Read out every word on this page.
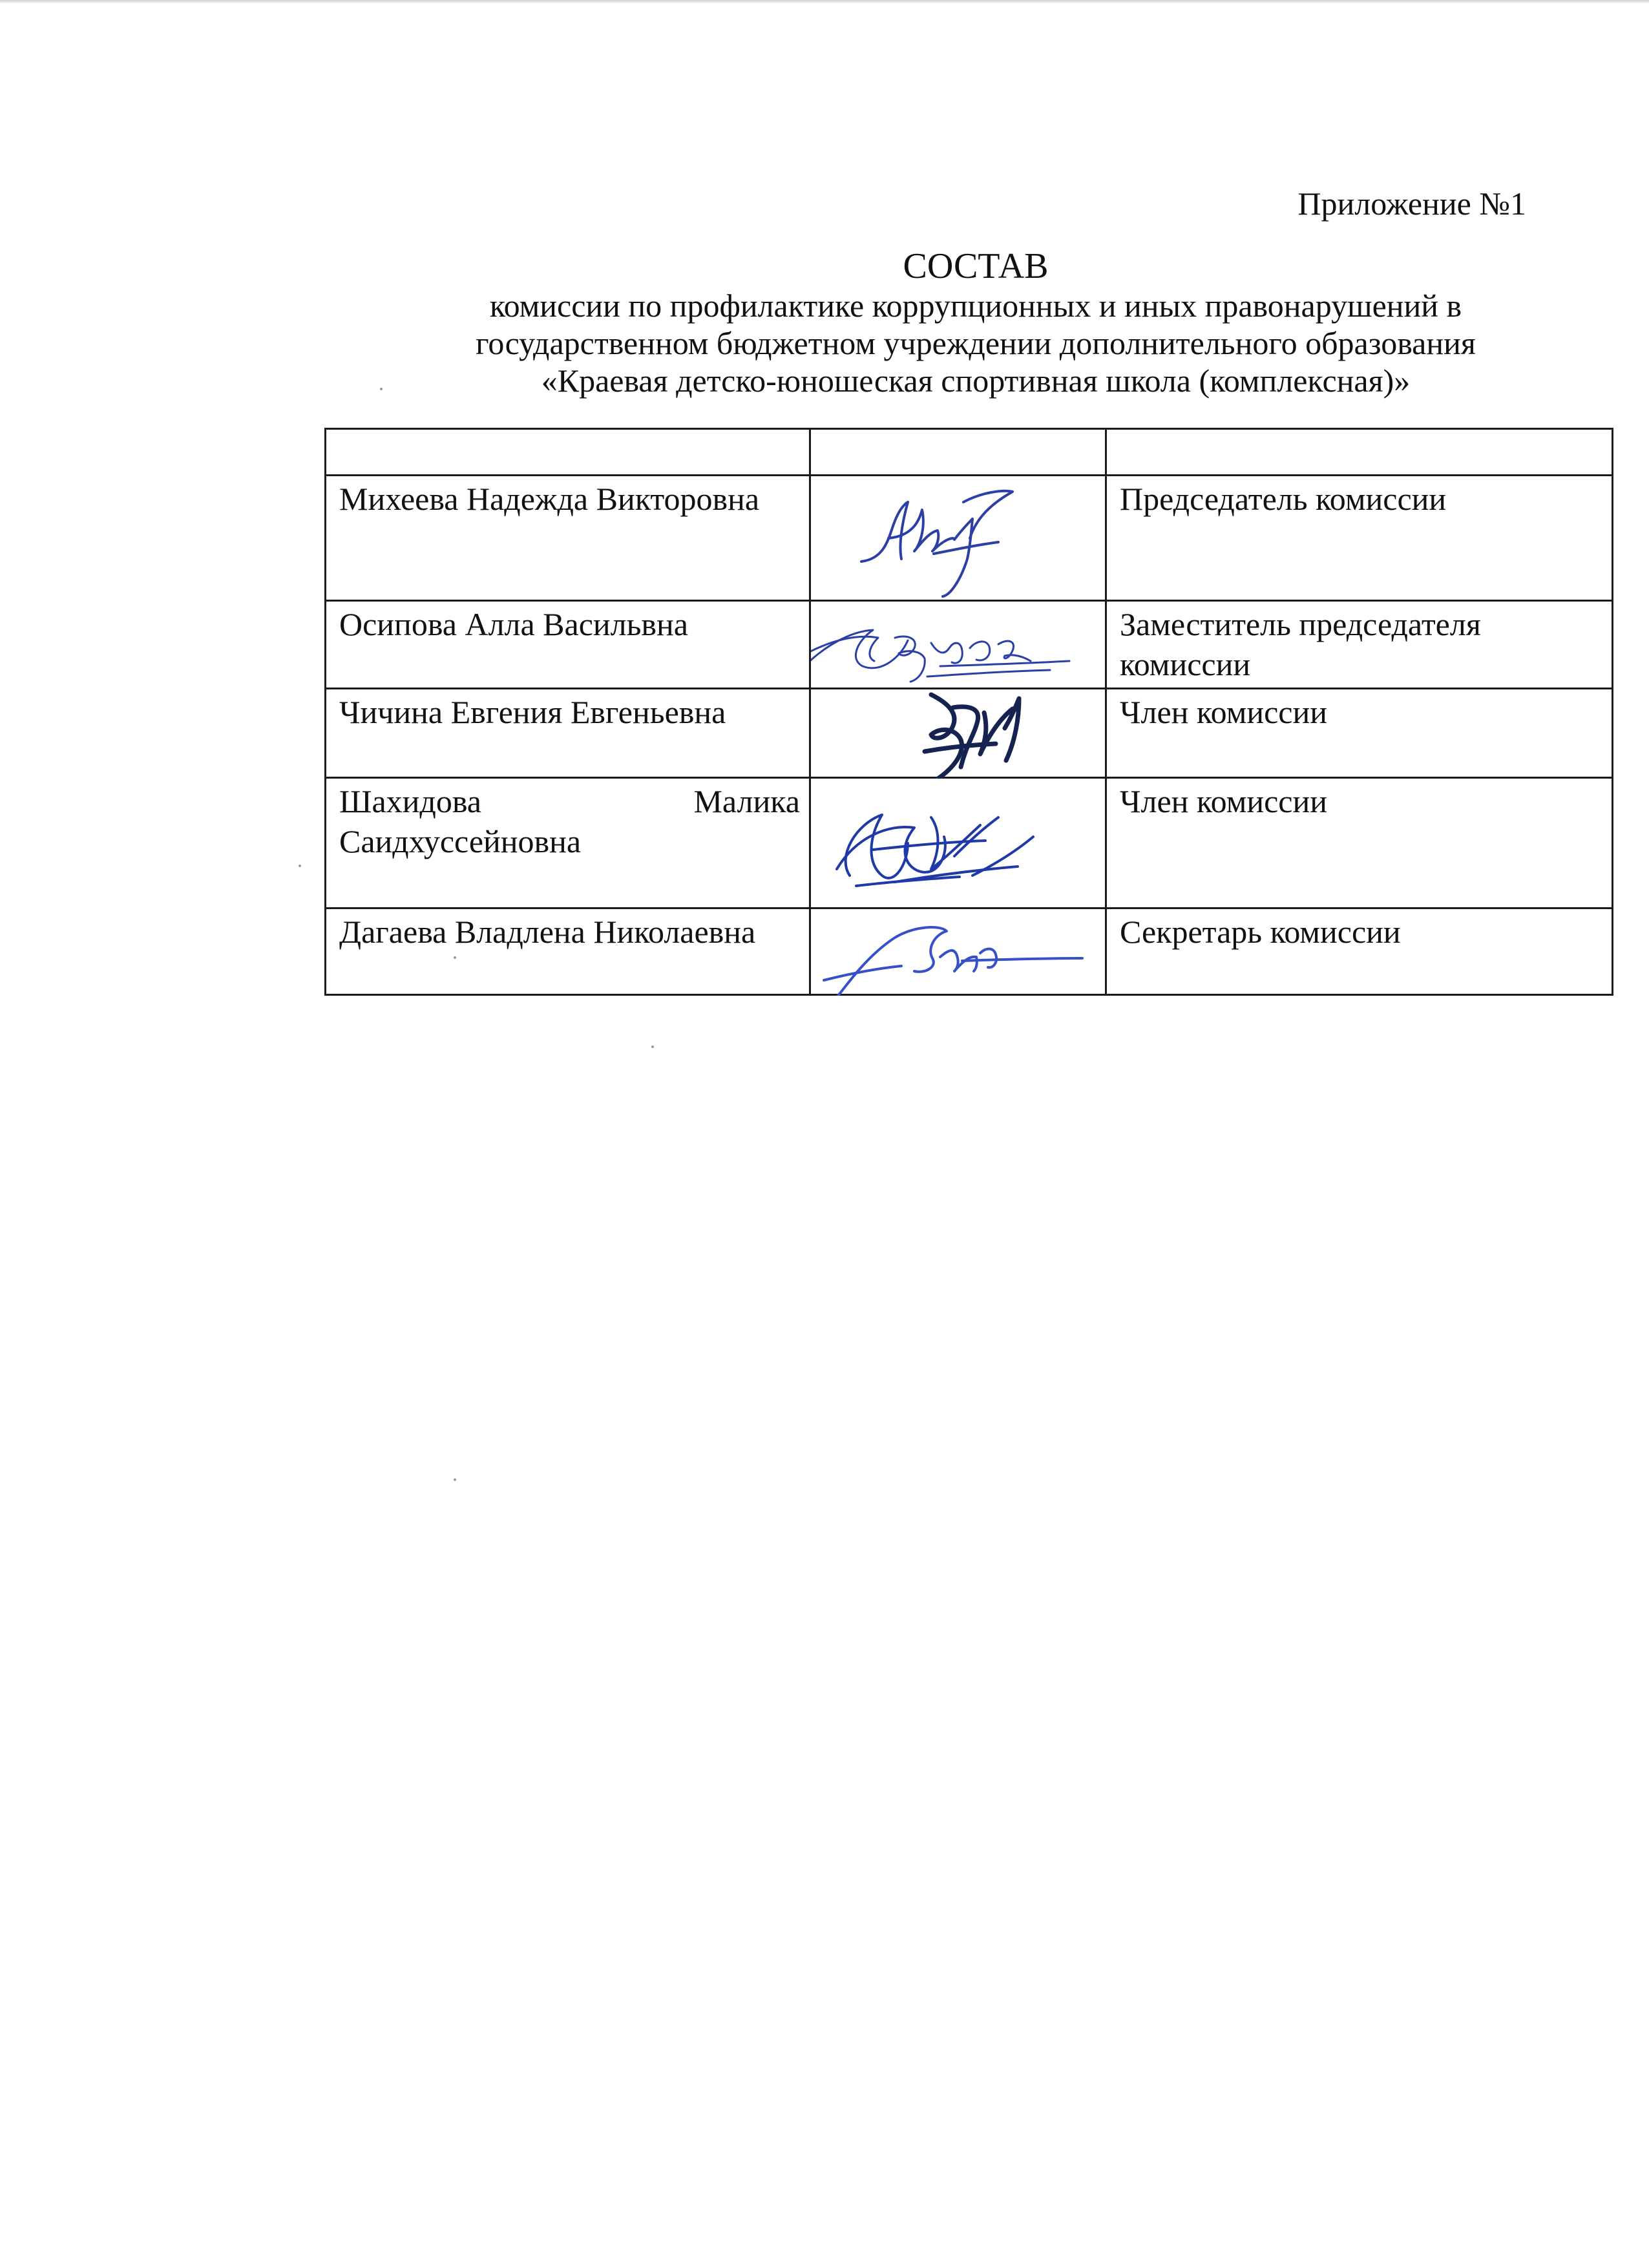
Приложение №1
СОСТАВ
комиссии по профилактике коррупционных и иных правонарушений в
государственном бюджетном учреждении дополнительного образования
«Краевая детско-юношеская спортивная школа (комплексная)»

Михеева Надежда Викторовна		Председатель комиссии
Осипова Алла Васильвна		Заместитель председателя комиссии
Чичина Евгения Евгеньевна		Член комиссии
Шахидова Малика Саидхуссейновна		Член комиссии
Дагаева Владлена Николаевна		Секретарь комиссии
